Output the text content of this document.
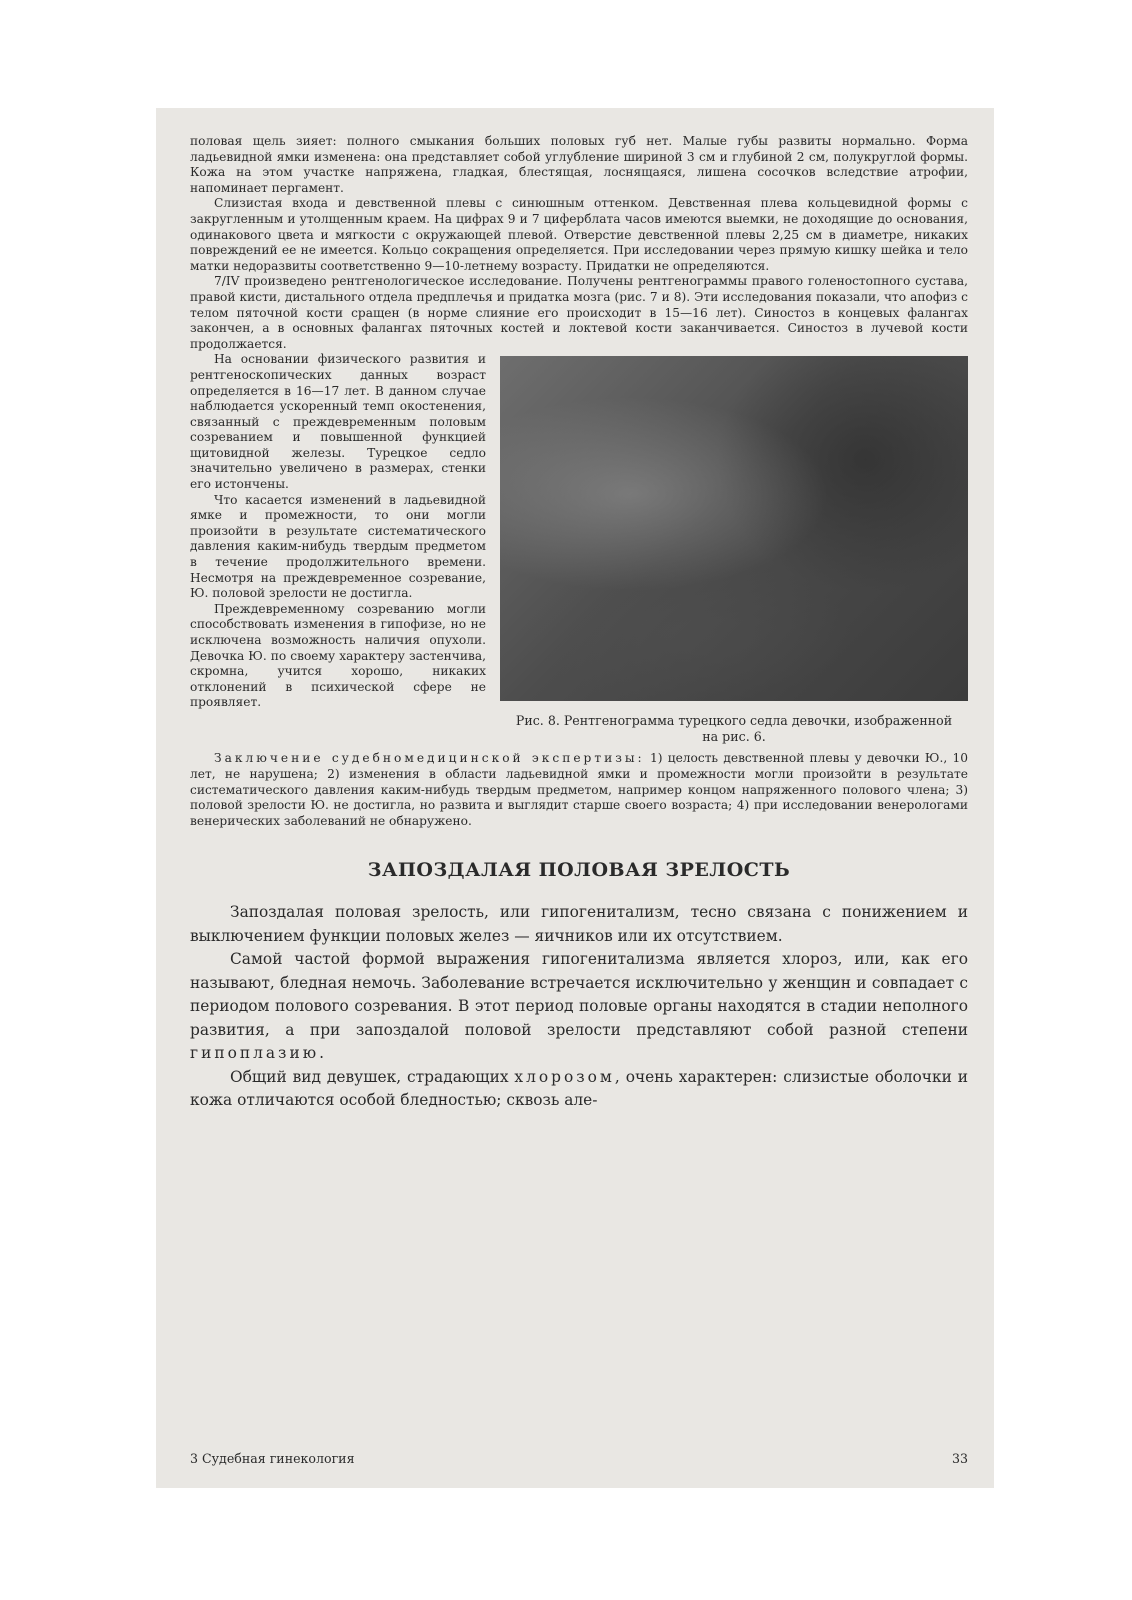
половая щель зияет: полного смыкания больших половых губ нет. Малые губы развиты нормально. Форма ладьевидной ямки изменена: она представляет собой углубление шириной 3 см и глубиной 2 см, полукруглой формы. Кожа на этом участке напряжена, гладкая, блестящая, лоснящаяся, лишена сосочков вследствие атрофии, напоминает пергамент.

Слизистая входа и девственной плевы с синюшным оттенком. Девственная плева кольцевидной формы с закругленным и утолщенным краем. На цифрах 9 и 7 циферблата часов имеются выемки, не доходящие до основания, одинакового цвета и мягкости с окружающей плевой. Отверстие девственной плевы 2,25 см в диаметре, никаких повреждений ее не имеется. Кольцо сокращения определяется. При исследовании через прямую кишку шейка и тело матки недоразвиты соответственно 9—10-летнему возрасту. Придатки не определяются.

7/IV произведено рентгенологическое исследование. Получены рентгенограммы правого голеностопного сустава, правой кисти, дистального отдела предплечья и придатка мозга (рис. 7 и 8). Эти исследования показали, что апофиз с телом пяточной кости сращен (в норме слияние его происходит в 15—16 лет). Синостоз в концевых фалангах закончен, а в основных фалангах пяточных костей и локтевой кости заканчивается. Синостоз в лучевой кости продолжается.

Рис. 8. Рентгенограмма турецкого седла девочки, изображенной на рис. 6.

На основании физического развития и рентгеноскопических данных возраст определяется в 16—17 лет. В данном случае наблюдается ускоренный темп окостенения, связанный с преждевременным половым созреванием и повышенной функцией щитовидной железы. Турецкое седло значительно увеличено в размерах, стенки его истончены.

Что касается изменений в ладьевидной ямке и промежности, то они могли произойти в результате систематического давления каким-нибудь твердым предметом в течение продолжительного времени. Несмотря на преждевременное созревание, Ю. половой зрелости не достигла.

Преждевременному созреванию могли способствовать изменения в гипофизе, но не исключена возможность наличия опухоли. Девочка Ю. по своему характеру застенчива, скромна, учится хорошо, никаких отклонений в психической сфере не проявляет.

Заключение судебномедицинской экспертизы: 1) целость девственной плевы у девочки Ю., 10 лет, не нарушена; 2) изменения в области ладьевидной ямки и промежности могли произойти в результате систематического давления каким-нибудь твердым предметом, например концом напряженного полового члена; 3) половой зрелости Ю. не достигла, но развита и выглядит старше своего возраста; 4) при исследовании венерологами венерических заболеваний не обнаружено.

ЗАПОЗДАЛАЯ ПОЛОВАЯ ЗРЕЛОСТЬ

Запоздалая половая зрелость, или гипогенитализм, тесно связана с понижением и выключением функции половых желез — яичников или их отсутствием.

Самой частой формой выражения гипогенитализма является хлороз, или, как его называют, бледная немочь. Заболевание встречается исключительно у женщин и совпадает с периодом полового созревания. В этот период половые органы находятся в стадии неполного развития, а при запоздалой половой зрелости представляют собой разной степени гипоплазию.

Общий вид девушек, страдающих хлорозом, очень характерен: слизистые оболочки и кожа отличаются особой бледностью; сквозь але-

3 Судебная гинекология	33
